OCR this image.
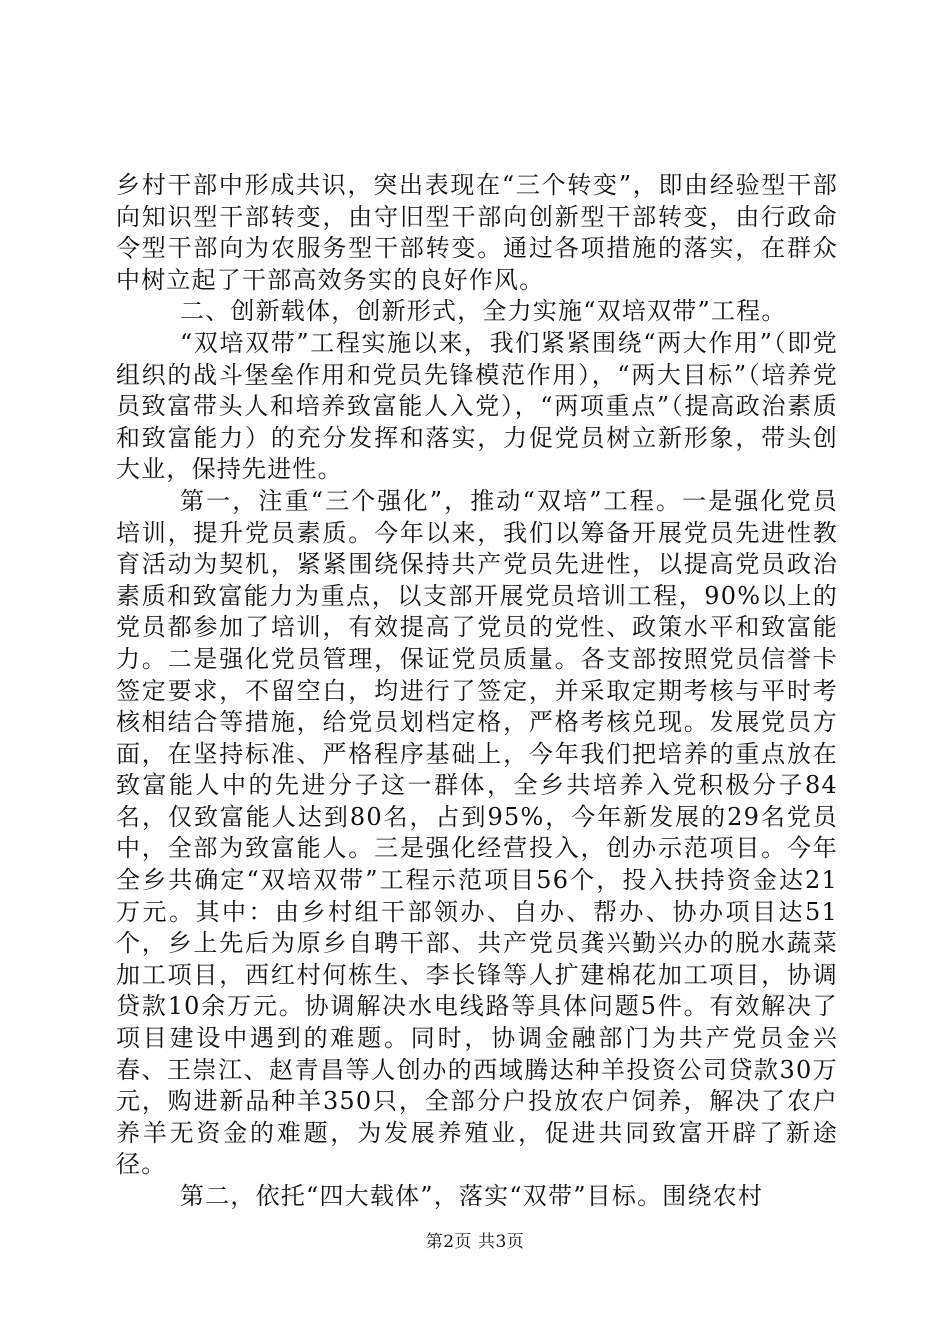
乡村干部中形成共识，突出表现在“三个转变”，即由经验型干部向知识型干部转变，由守旧型干部向创新型干部转变，由行政命令型干部向为农服务型干部转变。通过各项措施的落实，在群众中树立起了干部高效务实的良好作风。

二、创新载体，创新形式，全力实施“双培双带”工程。

“双培双带”工程实施以来，我们紧紧围绕“两大作用”（即党组织的战斗堡垒作用和党员先锋模范作用），“两大目标”（培养党员致富带头人和培养致富能人入党），“两项重点”（提高政治素质和致富能力）的充分发挥和落实，力促党员树立新形象，带头创大业，保持先进性。

第一，注重“三个强化”，推动“双培”工程。一是强化党员培训，提升党员素质。今年以来，我们以筹备开展党员先进性教育活动为契机，紧紧围绕保持共产党员先进性，以提高党员政治素质和致富能力为重点，以支部开展党员培训工程，90%以上的党员都参加了培训，有效提高了党员的党性、政策水平和致富能力。二是强化党员管理，保证党员质量。各支部按照党员信誉卡签定要求，不留空白，均进行了签定，并采取定期考核与平时考核相结合等措施，给党员划档定格，严格考核兑现。发展党员方面，在坚持标准、严格程序基础上，今年我们把培养的重点放在致富能人中的先进分子这一群体，全乡共培养入党积极分子84名，仅致富能人达到80名，占到95%，今年新发展的29名党员中，全部为致富能人。三是强化经营投入，创办示范项目。今年全乡共确定“双培双带”工程示范项目56个，投入扶持资金达21万元。其中：由乡村组干部领办、自办、帮办、协办项目达51个，乡上先后为原乡自聘干部、共产党员龚兴勤兴办的脱水蔬菜加工项目，西红村何栋生、李长锋等人扩建棉花加工项目，协调贷款10余万元。协调解决水电线路等具体问题5件。有效解决了项目建设中遇到的难题。同时，协调金融部门为共产党员金兴春、王崇江、赵青昌等人创办的西域腾达种羊投资公司贷款30万元，购进新品种羊350只，全部分户投放农户饲养，解决了农户养羊无资金的难题，为发展养殖业，促进共同致富开辟了新途径。

第二，依托“四大载体”，落实“双带”目标。围绕农村

第2页 共3页
